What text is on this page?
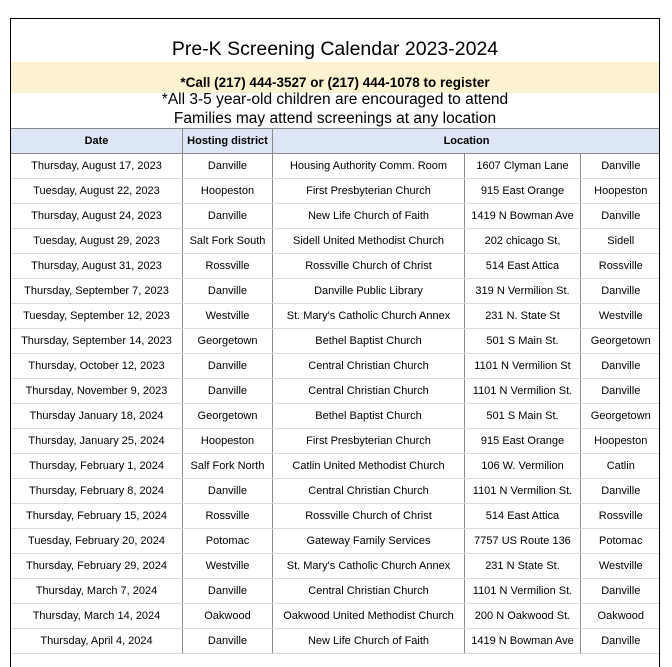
Pre-K Screening Calendar 2023-2024
*Call (217) 444-3527 or (217) 444-1078 to register
*All 3-5 year-old children are encouraged to attend
Families may attend screenings at any location
Date	Hosting district	Location		
Thursday, August 17, 2023	Danville	Housing Authority Comm. Room	1607 Clyman Lane	Danville
Tuesday, August 22, 2023	Hoopeston	First Presbyterian Church	915 East Orange	Hoopeston
Thursday, August 24, 2023	Danville	New Life Church of Faith	1419 N Bowman Ave	Danville
Tuesday, August 29, 2023	Salt Fork South	Sidell United Methodist Church	202 chicago St,	Sidell
Thursday, August 31, 2023	Rossville	Rossville Church of Christ	514 East Attica	Rossville
Thursday, September 7, 2023	Danville	Danville Public Library	319 N Vermilion St.	Danville
Tuesday, September 12, 2023	Westville	St. Mary's Catholic Church Annex	231 N. State St	Westville
Thursday, September 14, 2023	Georgetown	Bethel Baptist Church	501 S Main St.	Georgetown
Thursday, October 12, 2023	Danville	Central Christian Church	1101 N Vermilion St	Danville
Thursday, November 9, 2023	Danville	Central Christian Church	1101 N Vermilion St.	Danville
Thursday January 18, 2024	Georgetown	Bethel Baptist Church	501 S Main St.	Georgetown
Thursday, January 25, 2024	Hoopeston	First Presbyterian Church	915 East Orange	Hoopeston
Thursday, February 1, 2024	Salf Fork North	Catlin United Methodist Church	106 W. Vermilion	Catlin
Thursday, February 8, 2024	Danville	Central Christian Church	1101 N Vermilion St.	Danville
Thursday, February 15, 2024	Rossville	Rossville Church of Christ	514 East Attica	Rossville
Tuesday, February 20, 2024	Potomac	Gateway Family Services	7757 US Route 136	Potomac
Thursday, February 29, 2024	Westville	St. Mary's Catholic Church Annex	231 N State St.	Westville
Thursday, March 7, 2024	Danville	Central Christian Church	1101 N Vermilion St.	Danville
Thursday, March 14, 2024	Oakwood	Oakwood United Methodist Church	200 N Oakwood St.	Oakwood
Thursday, April 4, 2024	Danville	New Life Church of Faith	1419 N Bowman Ave	Danville
